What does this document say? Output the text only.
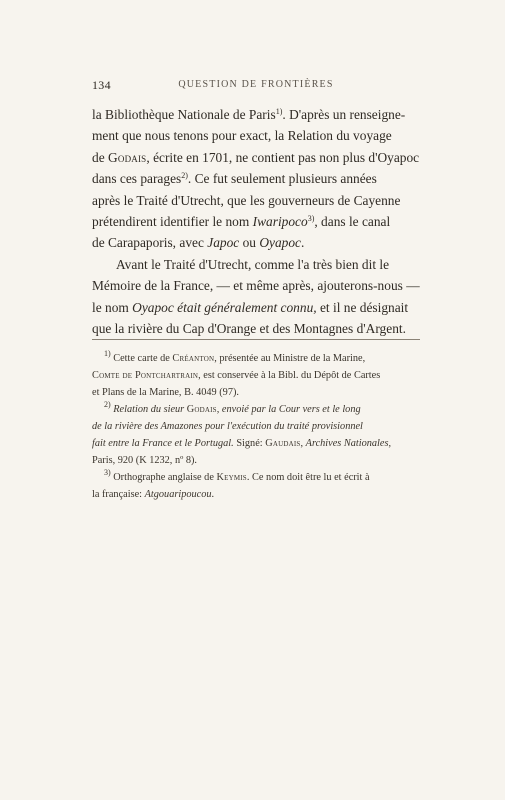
134	QUESTION DE FRONTIÈRES
la Bibliothèque Nationale de Paris$^{1)}$. D'après un renseigne-
ment que nous tenons pour exact, la Relation du voyage
de Godais, écrite en 1701, ne contient pas non plus d'Oyapoc
dans ces parages$^{2)}$. Ce fut seulement plusieurs années
après le Traité d'Utrecht, que les gouverneurs de Cayenne
prétendirent identifier le nom Iwaripoco$^{3)}$, dans le canal
de Carapaporis, avec Japoc ou Oyapoc.
Avant le Traité d'Utrecht, comme l'a très bien dit le
Mémoire de la France, — et même après, ajouterons-nous —
le nom Oyapoc était généralement connu, et il ne désignait
que la rivière du Cap d'Orange et des Montagnes d'Argent.
$^{1)}$ Cette carte de Créanton, présentée au Ministre de la Marine,
Comte de Pontchartrain, est conservée à la Bibl. du Dépôt de Cartes
et Plans de la Marine, B. 4049 (97).
$^{2)}$ Relation du sieur Godais, envoié par la Cour vers et le long
de la rivière des Amazones pour l'exécution du traité provisionnel
fait entre la France et le Portugal. Signé: Gaudais, Archives Nationales,
Paris, 920 (K 1232, nº 8).
$^{3)}$ Orthographe anglaise de Keymis. Ce nom doit être lu et écrit à
la française: Atgouaripoucou.
